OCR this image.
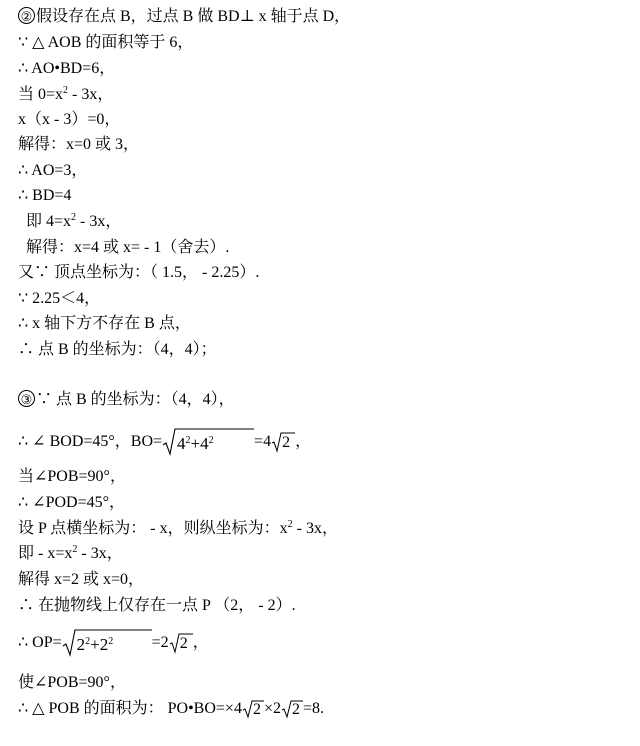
② 假设存在点 B，过点 B 做 BD⊥ x 轴于点 D，
∵ △ AOB 的面积等于 6，
∴ AO•BD=6，
当 $0=x^2 - 3x$，
x（x - 3）=0，
解得：x=0 或 3，
∴ AO=3，
∴ BD=4
即 $4=x^2 - 3x$，
解得：x=4 或 x= - 1（舍去）.
又∵ 顶点坐标为：（ 1.5， - 2.25）.
∵ 2.25＜4，
∴ x 轴下方不存在 B 点，
∴ 点 B 的坐标为：（4，4）；
③ ∵ 点 B 的坐标为：（4，4），
∴ ∠ BOD=45°，$BO= 4^2+4^2$	=4 2 ，
当∠POB=90°，
∴ ∠POD=45°，
设 P 点横坐标为： - x，则纵坐标为：$x^2 - 3x$，
即 - $x=x^2 - 3x$，
解得 x=2 或 x=0，
∴ 在抛物线上仅存在一点 P （2， - 2）.
∴ $OP= 2^2+2^2 =2$ 2 ，
使∠POB=90°，
∴ △ POB 的面积为： PO•BO=×4 2 ×2 2 =8.
